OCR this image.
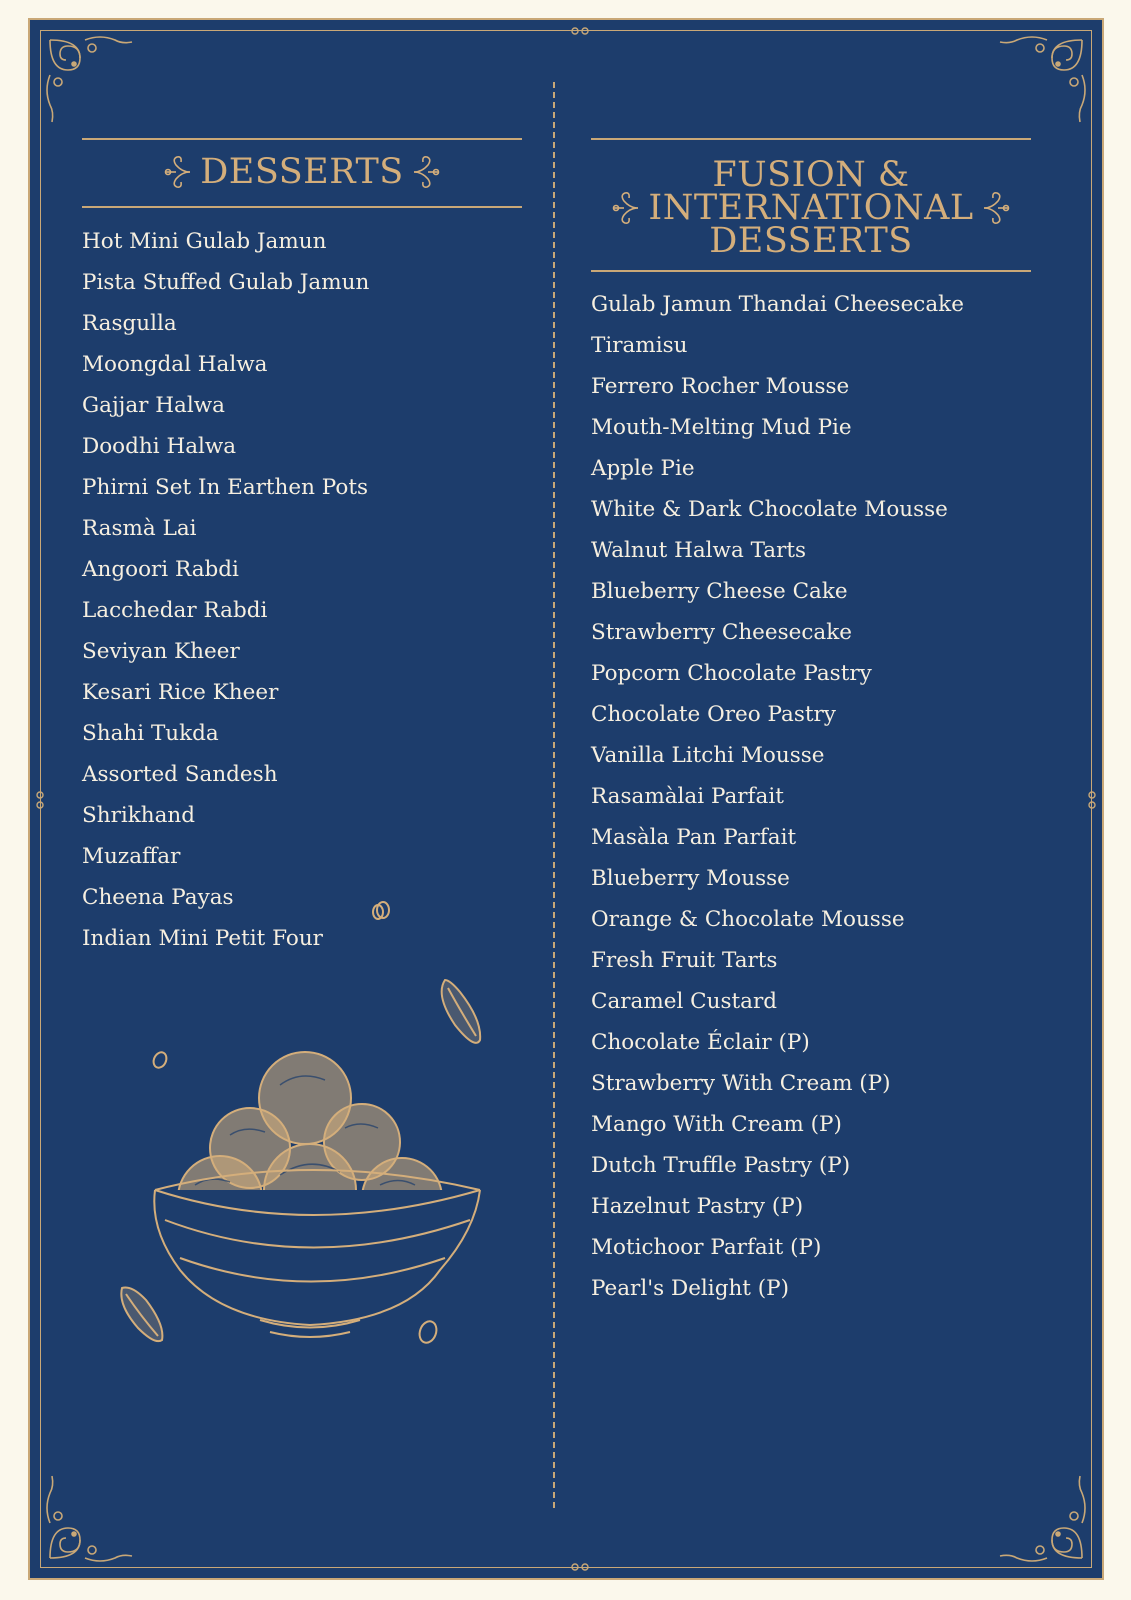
DESSERTS
Hot Mini Gulab Jamun
Pista Stuffed Gulab Jamun
Rasgulla
Moongdal Halwa
Gajjar Halwa
Doodhi Halwa
Phirni Set In Earthen Pots
Rasmà Lai
Angoori Rabdi
Lacchedar Rabdi
Seviyan Kheer
Kesari Rice Kheer
Shahi Tukda
Assorted Sandesh
Shrikhand
Muzaffar
Cheena Payas
Indian Mini Petit Four
FUSION &
INTERNATIONAL
DESSERTS
Gulab Jamun Thandai Cheesecake
Tiramisu
Ferrero Rocher Mousse
Mouth-Melting Mud Pie
Apple Pie
White & Dark Chocolate Mousse
Walnut Halwa Tarts
Blueberry Cheese Cake
Strawberry Cheesecake
Popcorn Chocolate Pastry
Chocolate Oreo Pastry
Vanilla Litchi Mousse
Rasamàlai Parfait
Masàla Pan Parfait
Blueberry Mousse
Orange & Chocolate Mousse
Fresh Fruit Tarts
Caramel Custard
Chocolate Éclair (P)
Strawberry With Cream (P)
Mango With Cream (P)
Dutch Truffle Pastry (P)
Hazelnut Pastry (P)
Motichoor Parfait (P)
Pearl's Delight (P)
